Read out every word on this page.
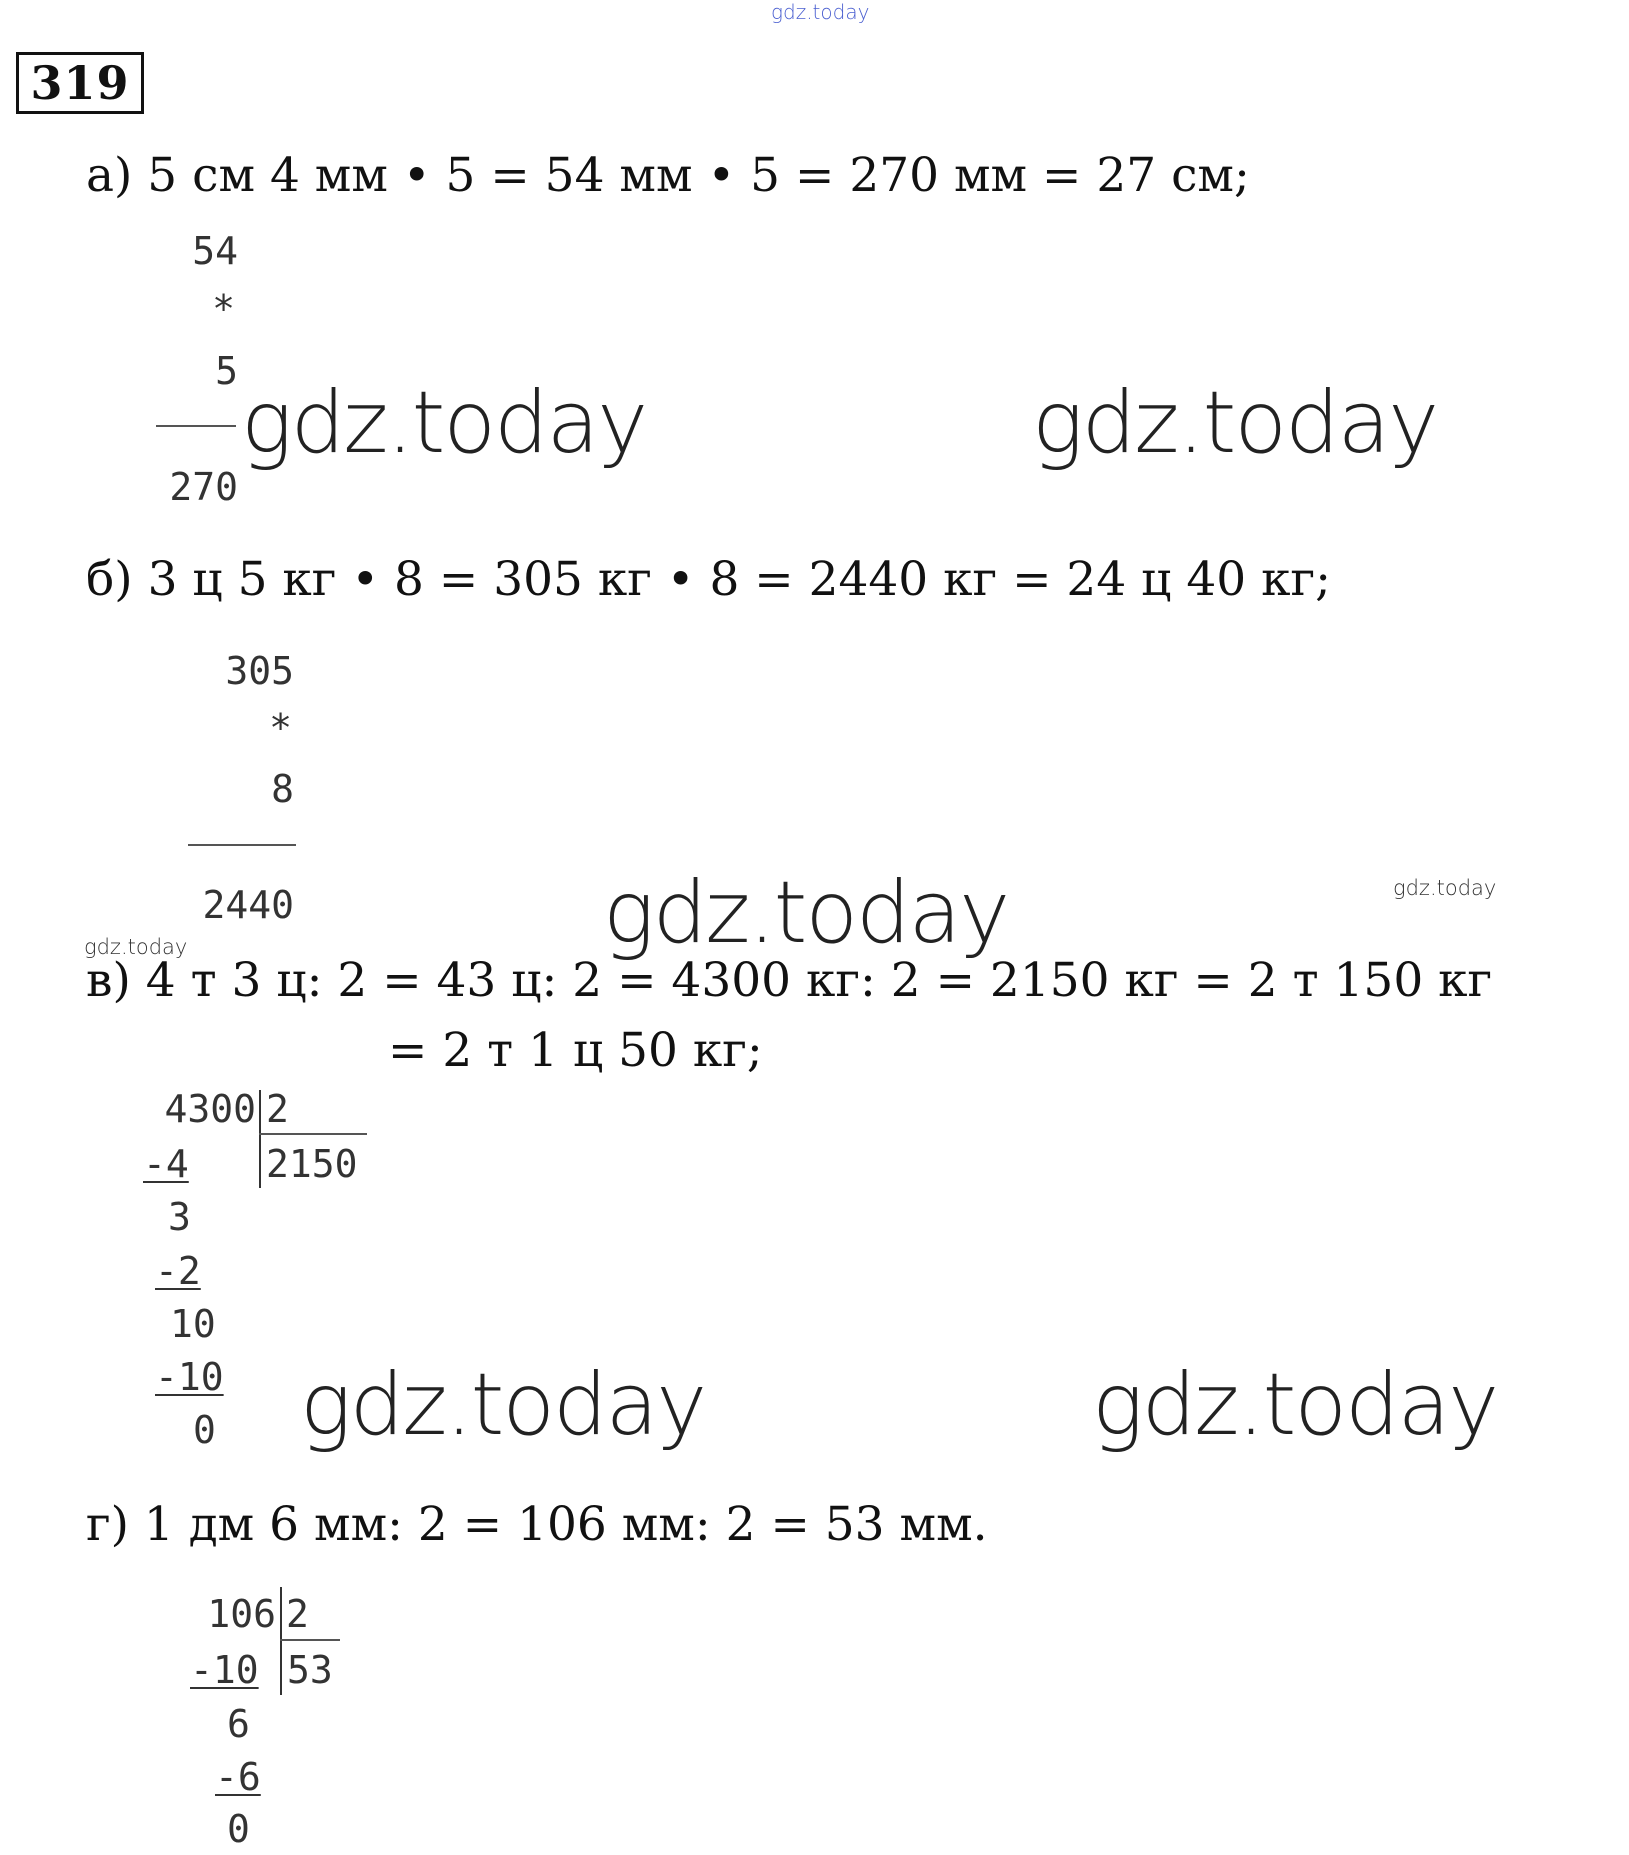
gdz.today
gdz.today	gdz.today
gdz.today	gdz.today
gdz.today
gdz.today	gdz.today
319
а) 5 см 4 мм • 5 = 54 мм • 5 = 270 мм = 27 см;
54
*
5
270
б) 3 ц 5 кг • 8 = 305 кг • 8 = 2440 кг = 24 ц 40 кг;
305
*
8
2440
в) 4 т 3 ц: 2 = 43 ц: 2 = 4300 кг: 2 = 2150 кг = 2 т 150 кг
= 2 т 1 ц 50 кг;
4300 2
2150
-4
3
-2
10
-10
0
г) 1 дм 6 мм: 2 = 106 мм: 2 = 53 мм.
106 2
53
-10
6
-6
0
